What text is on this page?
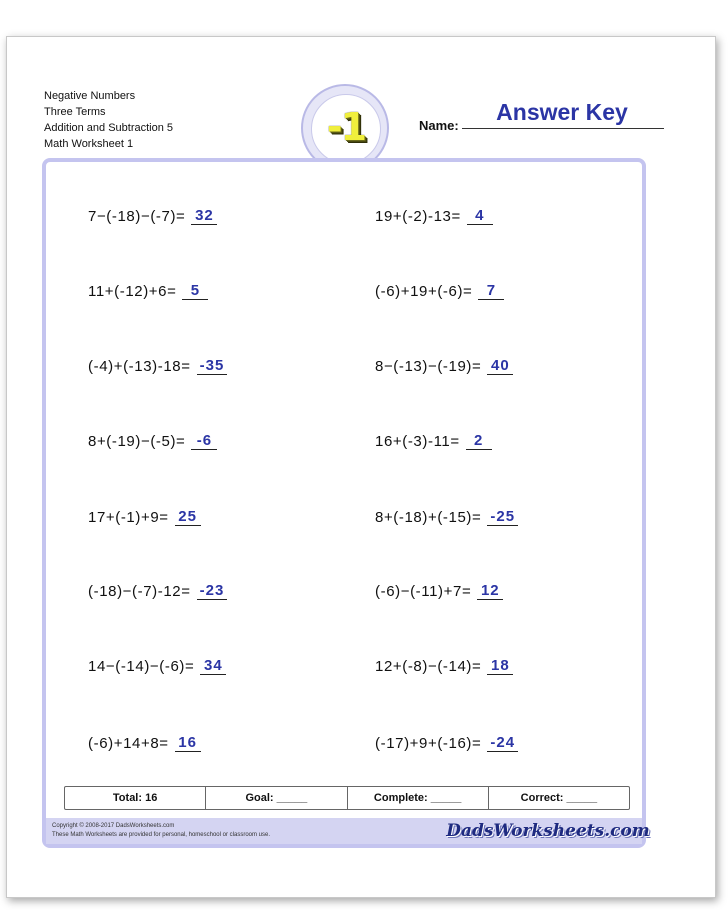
Negative Numbers
Three Terms
Addition and Subtraction 5
Math Worksheet 1	-1	Name:
Answer Key
7−(-18)−(-7)= 32	19+(-2)-13= 4
11+(-12)+6= 5	(-6)+19+(-6)= 7
(-4)+(-13)-18= -35	8−(-13)−(-19)= 40
8+(-19)−(-5)= -6	16+(-3)-11= 2
17+(-1)+9= 25	8+(-18)+(-15)= -25
(-18)−(-7)-12= -23	(-6)−(-11)+7= 12
14−(-14)−(-6)= 34	12+(-8)−(-14)= 18
(-6)+14+8= 16	(-17)+9+(-16)= -24
Total: 16	Goal: _____	Complete: _____	Correct: _____
Copyright © 2008-2017 DadsWorksheets.com
These Math Worksheets are provided for personal, homeschool or classroom use.	DadsWorksheets.com
